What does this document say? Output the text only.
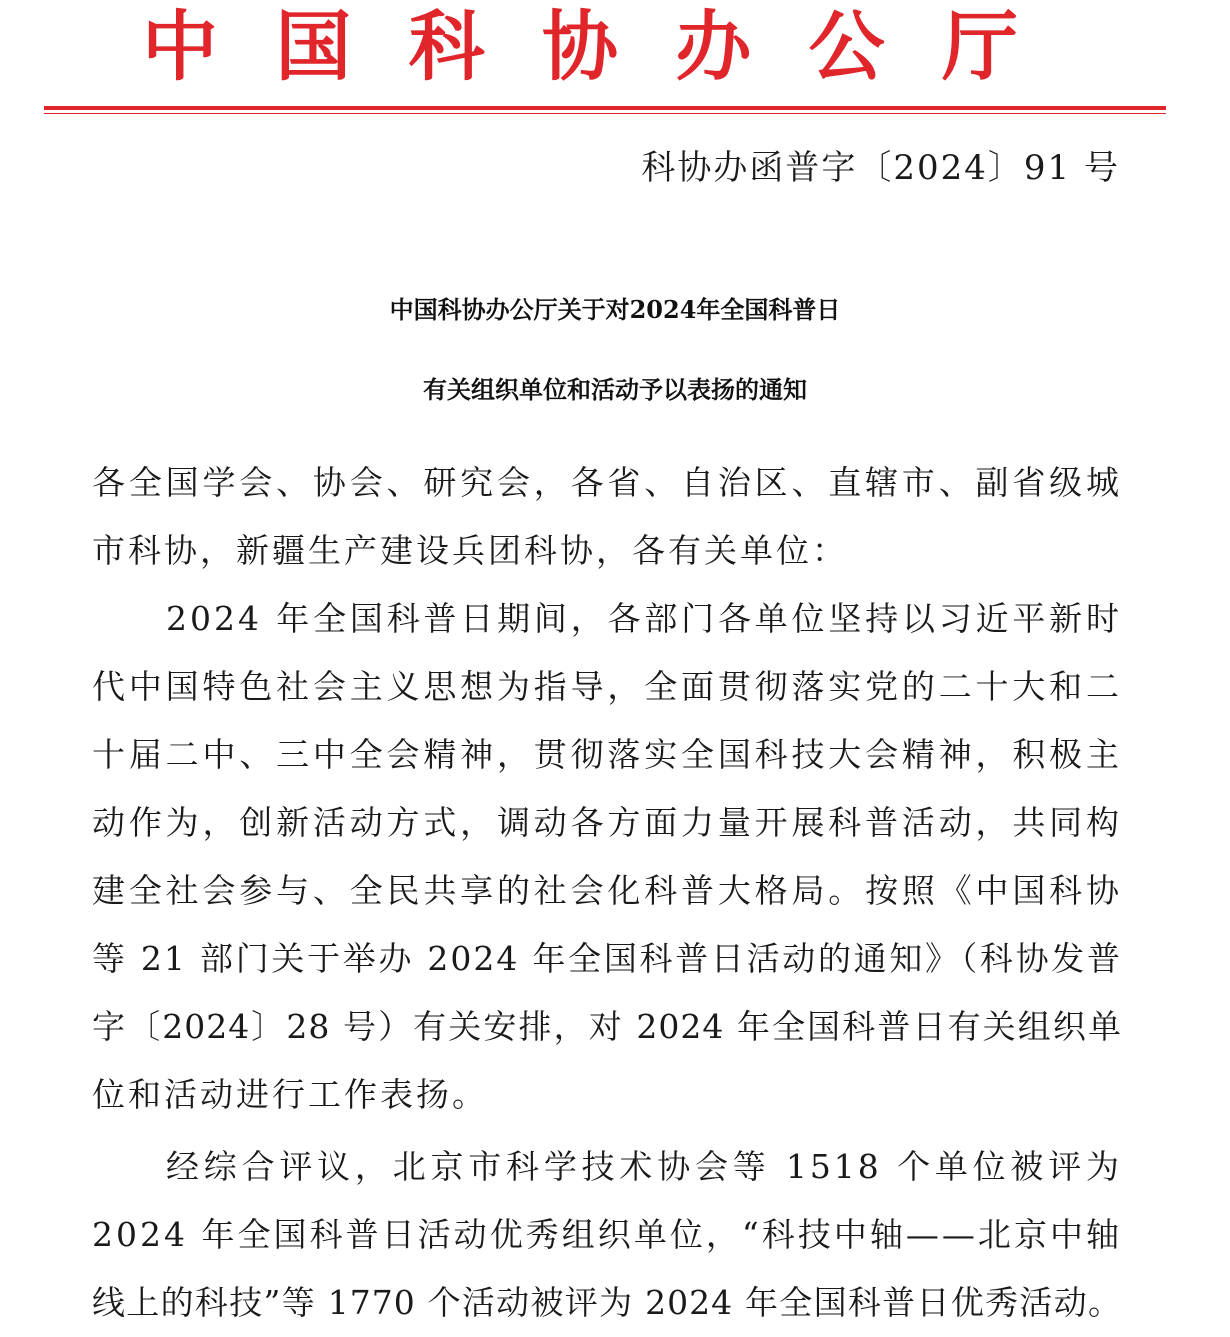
中 国 科 协 办 公 厅
科协办函普字〔2024〕91 号
中国科协办公厅关于对2024年全国科普日
有关组织单位和活动予以表扬的通知
各全国学会、协会、研究会，各省、自治区、直辖市、副省级城
市科协，新疆生产建设兵团科协，各有关单位：
2024 年全国科普日期间，各部门各单位坚持以习近平新时
代中国特色社会主义思想为指导，全面贯彻落实党的二十大和二
十届二中、三中全会精神，贯彻落实全国科技大会精神，积极主
动作为，创新活动方式，调动各方面力量开展科普活动，共同构
建全社会参与、全民共享的社会化科普大格局。按照《中国科协
等 21 部门关于举办 2024 年全国科普日活动的通知》（科协发普
字〔2024〕28 号）有关安排，对 2024 年全国科普日有关组织单
位和活动进行工作表扬。
经综合评议，北京市科学技术协会等 1518 个单位被评为
2024 年全国科普日活动优秀组织单位，“科技中轴——北京中轴
线上的科技”等 1770 个活动被评为 2024 年全国科普日优秀活动。
